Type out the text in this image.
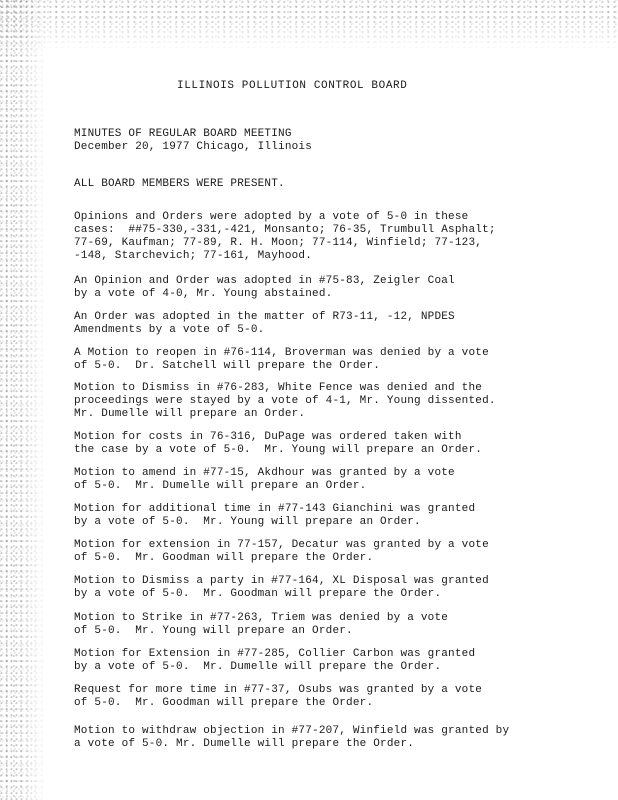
ILLINOIS POLLUTION CONTROL BOARD

MINUTES OF REGULAR BOARD MEETING

December 20, 1977 Chicago, Illinois

ALL BOARD MEMBERS WERE PRESENT.

Opinions and Orders were adopted by a vote of 5-0 in these

cases:  ##75-330,-331,-421, Monsanto; 76-35, Trumbull Asphalt;

77-69, Kaufman; 77-89, R. H. Moon; 77-114, Winfield; 77-123,

-148, Starchevich; 77-161, Mayhood.

An Opinion and Order was adopted in #75-83, Zeigler Coal

by a vote of 4-0, Mr. Young abstained.

An Order was adopted in the matter of R73-11, -12, NPDES

Amendments by a vote of 5-0.

A Motion to reopen in #76-114, Broverman was denied by a vote

of 5-0.  Dr. Satchell will prepare the Order.

Motion to Dismiss in #76-283, White Fence was denied and the

proceedings were stayed by a vote of 4-1, Mr. Young dissented.

Mr. Dumelle will prepare an Order.

Motion for costs in 76-316, DuPage was ordered taken with

the case by a vote of 5-0.  Mr. Young will prepare an Order.

Motion to amend in #77-15, Akdhour was granted by a vote

of 5-0.  Mr. Dumelle will prepare an Order.

Motion for additional time in #77-143 Gianchini was granted

by a vote of 5-0.  Mr. Young will prepare an Order.

Motion for extension in 77-157, Decatur was granted by a vote

of 5-0.  Mr. Goodman will prepare the Order.

Motion to Dismiss a party in #77-164, XL Disposal was granted

by a vote of 5-0.  Mr. Goodman will prepare the Order.

Motion to Strike in #77-263, Triem was denied by a vote

of 5-0.  Mr. Young will prepare an Order.

Motion for Extension in #77-285, Collier Carbon was granted

by a vote of 5-0.  Mr. Dumelle will prepare the Order.

Request for more time in #77-37, Osubs was granted by a vote

of 5-0.  Mr. Goodman will prepare the Order.

Motion to withdraw objection in #77-207, Winfield was granted by

a vote of 5-0. Mr. Dumelle will prepare the Order.
